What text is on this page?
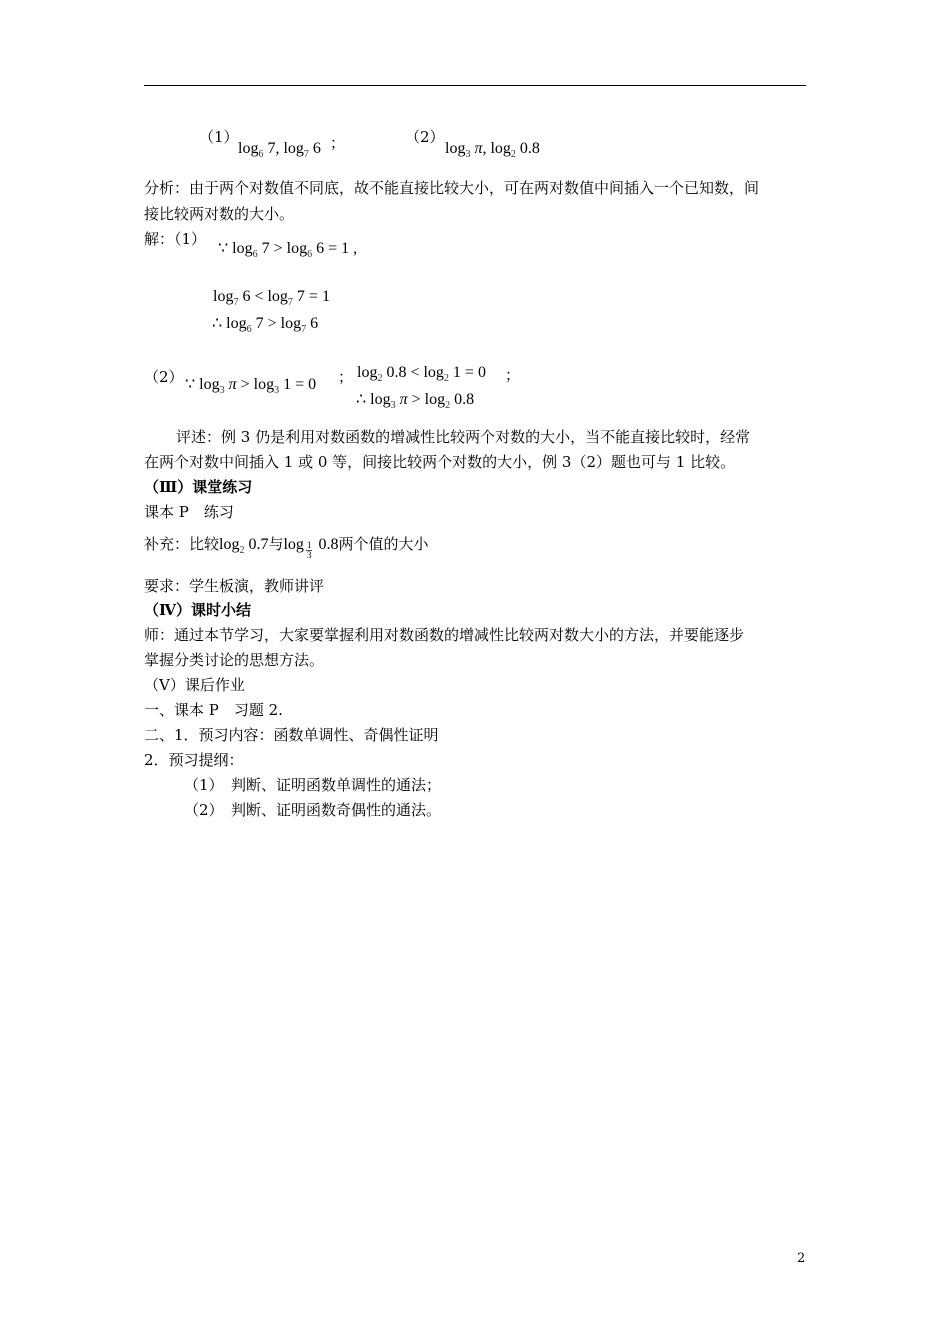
（1）
$\log_6 7$, $\log_7 6$ ；	（2）
$\log_3 \pi$, $\log_2 0.8$
分析：由于两个对数值不同底，故不能直接比较大小，可在两对数值中间插入一个已知数，间
接比较两对数的大小。
解：（1）
∵ $\log_6 7 > \log_6 6 = 1$ ,
$\log_7 6 < \log_7 7 = 1$
∴ $\log_6 7 > \log_7 6$
（2） ∵ $\log_3 \pi > \log_3 1 = 0$ ； $\log_2 0.8 < \log_2 1 = 0$ ；
∴ $\log_3 \pi > \log_2 0.8$
评述：例 3 仍是利用对数函数的增减性比较两个对数的大小，当不能直接比较时，经常
在两个对数中间插入 1 或 0 等，间接比较两个对数的大小，例 3（2）题也可与 1 比较。
（Ⅲ）课堂练习
课本 P　练习
补充：比较$\log_2 0.7$与$\log \frac{1}{3} 0.8$两个值的大小
要求：学生板演，教师讲评
（Ⅳ）课时小结
师：通过本节学习，大家要掌握利用对数函数的增减性比较两对数大小的方法，并要能逐步
掌握分类讨论的思想方法。
（Ⅴ）课后作业
一、课本 P　习题 2.
二、1．预习内容：函数单调性、奇偶性证明
2．预习提纲：
（1）　判断、证明函数单调性的通法；
（2）　判断、证明函数奇偶性的通法。
2
